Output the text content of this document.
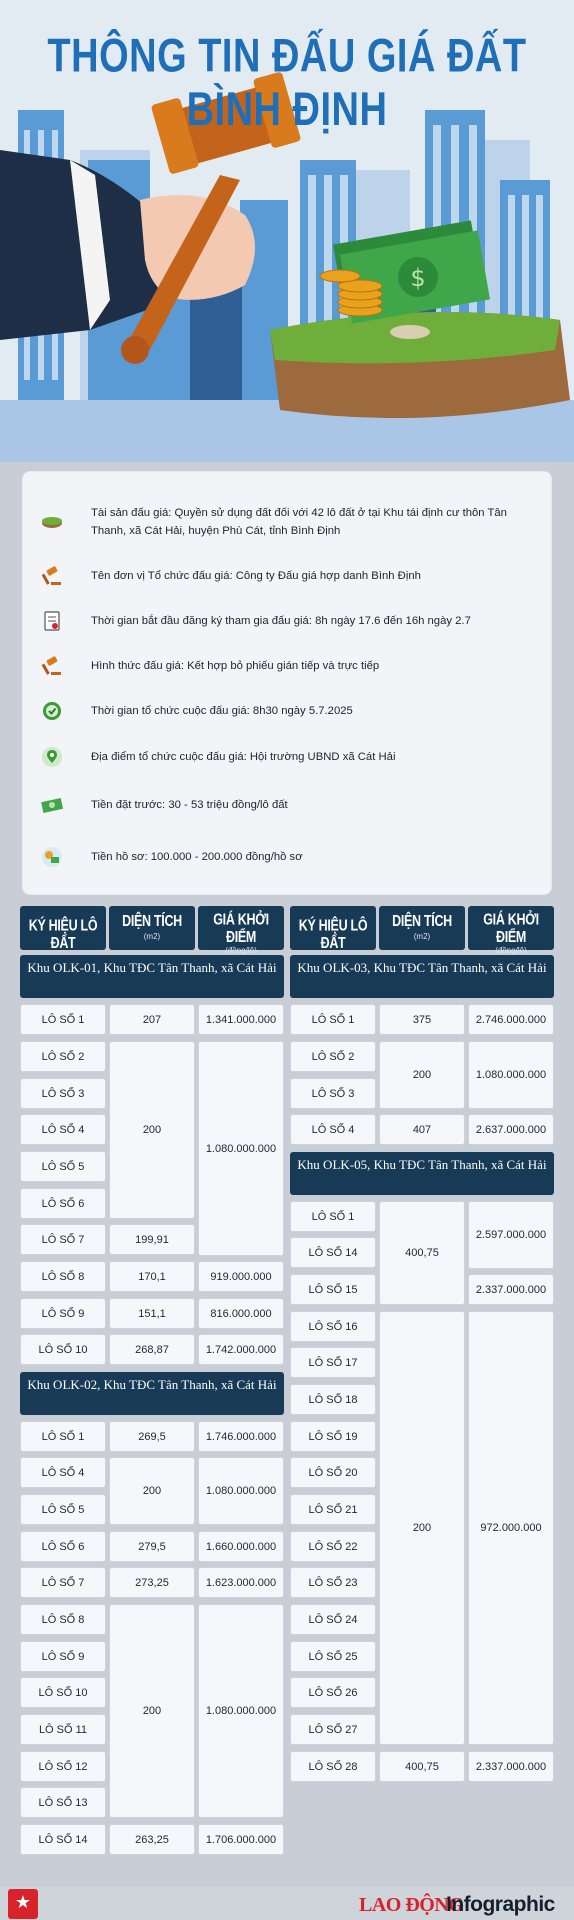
$
THÔNG TIN ĐẤU GIÁ ĐẤT BÌNH ĐỊNH
Tài sản đấu giá: Quyền sử dụng đất đối với 42 lô đất ở tại Khu tái định cư thôn Tân Thanh, xã Cát Hải, huyện Phù Cát, tỉnh Bình Định
Tên đơn vị Tổ chức đấu giá: Công ty Đấu giá hợp danh Bình Định
Thời gian bắt đầu đăng ký tham gia đấu giá: 8h ngày 17.6 đến 16h ngày 2.7
Hình thức đấu giá: Kết hợp bỏ phiếu gián tiếp và trực tiếp
Thời gian tổ chức cuộc đấu giá: 8h30 ngày 5.7.2025
Địa điểm tổ chức cuộc đấu giá: Hội trường UBND xã Cát Hải
Tiền đặt trước: 30 - 53 triệu đồng/lô đất
Tiền hồ sơ: 100.000 - 200.000 đồng/hồ sơ
KÝ HIỆU LÔ ĐẤT
DIỆN TÍCH
(m2)
GIÁ KHỞI ĐIỂM
(đồng/lô)
Khu OLK-01, Khu TĐC Tân Thanh, xã Cát Hải
LÔ SỐ 1
LÔ SỐ 2
LÔ SỐ 3
LÔ SỐ 4
LÔ SỐ 5
LÔ SỐ 6
LÔ SỐ 7
LÔ SỐ 8
LÔ SỐ 9
LÔ SỐ 10
207
200
199,91
170,1
151,1
268,87
1.341.000.000
1.080.000.000
919.000.000
816.000.000
1.742.000.000
Khu OLK-02, Khu TĐC Tân Thanh, xã Cát Hải
LÔ SỐ 1
LÔ SỐ 4
LÔ SỐ 5
LÔ SỐ 6
LÔ SỐ 7
LÔ SỐ 8
LÔ SỐ 9
LÔ SỐ 10
LÔ SỐ 11
LÔ SỐ 12
LÔ SỐ 13
LÔ SỐ 14
269,5
200
279,5
273,25
200
263,25
1.746.000.000
1.080.000.000
1.660.000.000
1.623.000.000
1.080.000.000
1.706.000.000
KÝ HIỆU LÔ ĐẤT
DIỆN TÍCH
(m2)
GIÁ KHỞI ĐIỂM
(đồng/lô)
Khu OLK-03, Khu TĐC Tân Thanh, xã Cát Hải
LÔ SỐ 1
LÔ SỐ 2
LÔ SỐ 3
LÔ SỐ 4
375
200
407
2.746.000.000
1.080.000.000
2.637.000.000
Khu OLK-05, Khu TĐC Tân Thanh, xã Cát Hải
LÔ SỐ 1
LÔ SỐ 14
LÔ SỐ 15
LÔ SỐ 16
LÔ SỐ 17
LÔ SỐ 18
LÔ SỐ 19
LÔ SỐ 20
LÔ SỐ 21
LÔ SỐ 22
LÔ SỐ 23
LÔ SỐ 24
LÔ SỐ 25
LÔ SỐ 26
LÔ SỐ 27
LÔ SỐ 28
400,75
200
400,75
2.597.000.000
2.337.000.000
972.000.000
2.337.000.000
★	LAO ĐỘNG
Infographic
